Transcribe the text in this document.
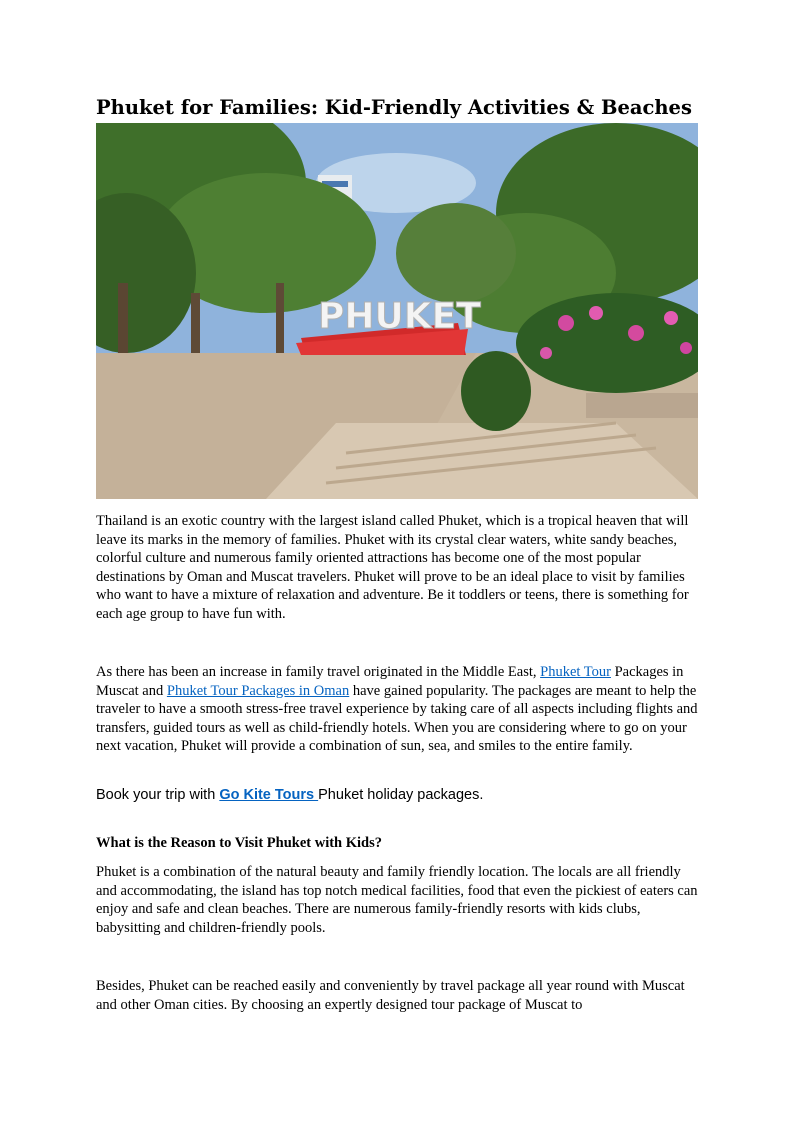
Phuket for Families: Kid-Friendly Activities & Beaches
PHUKET

Thailand is an exotic country with the largest island called Phuket, which is a tropical heaven that will leave its marks in the memory of families. Phuket with its crystal clear waters, white sandy beaches, colorful culture and numerous family oriented attractions has become one of the most popular destinations by Oman and Muscat travelers. Phuket will prove to be an ideal place to visit by families who want to have a mixture of relaxation and adventure. Be it toddlers or teens, there is something for each age group to have fun with.

As there has been an increase in family travel originated in the Middle East, Phuket Tour Packages in Muscat and Phuket Tour Packages in Oman have gained popularity. The packages are meant to help the traveler to have a smooth stress-free travel experience by taking care of all aspects including flights and transfers, guided tours as well as child-friendly hotels. When you are considering where to go on your next vacation, Phuket will provide a combination of sun, sea, and smiles to the entire family.

Book your trip with Go Kite Tours Phuket holiday packages.

What is the Reason to Visit Phuket with Kids?

Phuket is a combination of the natural beauty and family friendly location. The locals are all friendly and accommodating, the island has top notch medical facilities, food that even the pickiest of eaters can enjoy and safe and clean beaches. There are numerous family-friendly resorts with kids clubs, babysitting and children-friendly pools.

Besides, Phuket can be reached easily and conveniently by travel package all year round with Muscat and other Oman cities. By choosing an expertly designed tour package of Muscat to
